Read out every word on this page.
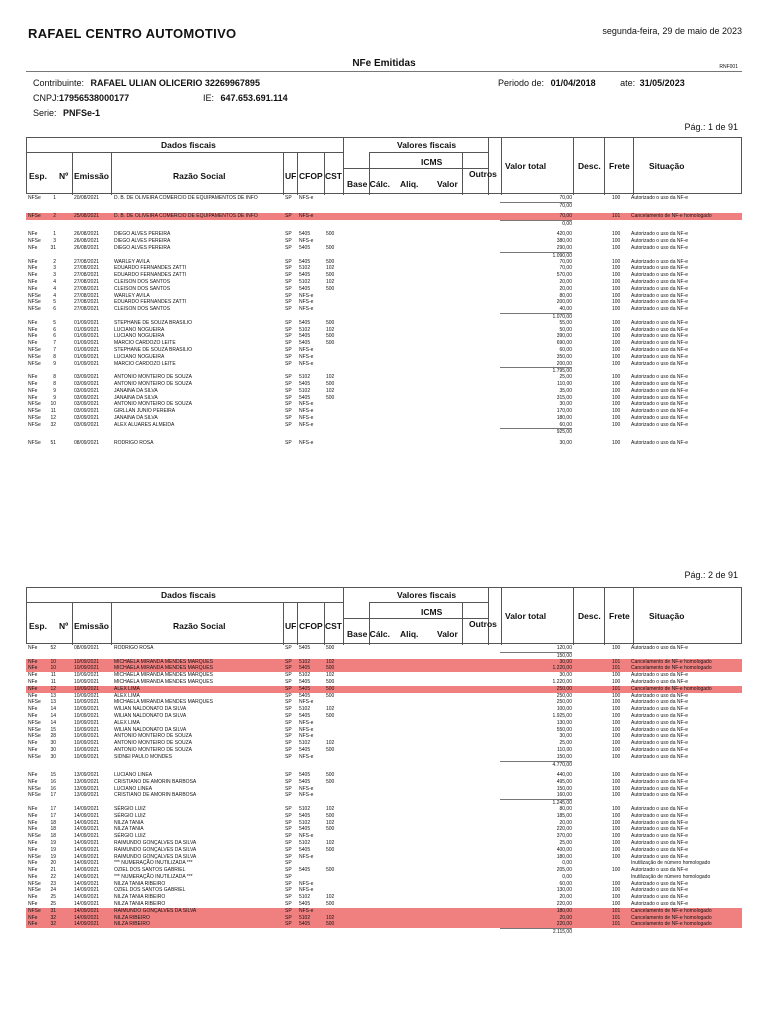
RAFAEL CENTRO AUTOMOTIVO	segunda-feira, 29 de maio de 2023
NFe Emitidas	RNF001
Contribuinte: RAFAEL ULIAN OLICERIO 32269967895	Periodo de: 01/04/2018	ate: 31/05/2023
CNPJ:17956538000177	IE: 647.653.691.114
Serie: PNFSe-1
Pág.: 1 de 91
Dados fiscais	Valores fiscais
ICMS
Esp. Nº Emissão	Razão Social	UF CFOP CST
Base Cálc. Aliq. Valor
Outros
Valor total	Desc. Frete Situação
NFSe	1	20/08/2021	D. B. DE OLIVEIRA COMERCIO DE EQUIPAMENTOS DE INFO	SP NFS-e	70,00	100 Autorizado o uso da NF-e
70,00
NFSe	2	25/08/2021	D. B. DE OLIVEIRA COMERCIO DE EQUIPAMENTOS DE INFO	SP NFS-e	70,00	101 Cancelamento de NF-e homologado
0,00
NFe	1	26/08/2021	DIEGO ALVES PEREIRA	SP 5405	500	420,00	100 Autorizado o uso da NF-e
NFSe	3	26/08/2021	DIEGO ALVES PEREIRA	SP NFS-e	380,00	100 Autorizado o uso da NF-e
NFe	31	26/08/2021	DIEGO ALVES PEREIRA	SP 5405	500	290,00	100 Autorizado o uso da NF-e
1.090,00
NFe	2	27/08/2021	WARLEY AVILA	SP 5405	500	70,00	100 Autorizado o uso da NF-e
NFe	3	27/08/2021	EDUARDO FERNANDES ZATTI	SP 5102	102	70,00	100 Autorizado o uso da NF-e
NFe	3	27/08/2021	EDUARDO FERNANDES ZATTI	SP 5405	500	570,00	100 Autorizado o uso da NF-e
NFe	4	27/08/2021	CLEISON DOS SANTOS	SP 5102	102	20,00	100 Autorizado o uso da NF-e
NFe	4	27/08/2021	CLEISON DOS SANTOS	SP 5405	500	20,00	100 Autorizado o uso da NF-e
NFSe	4	27/08/2021	WARLEY AVILA	SP NFS-e	80,00	100 Autorizado o uso da NF-e
NFSe	5	27/08/2021	EDUARDO FERNANDES ZATTI	SP NFS-e	200,00	100 Autorizado o uso da NF-e
NFSe	6	27/08/2021	CLEISON DOS SANTOS	SP NFS-e	40,00	100 Autorizado o uso da NF-e
1.070,00
NFe	5	01/09/2021	STEPHANE DE SOUZA BRASILIO	SP 5405	500	55,00	100 Autorizado o uso da NF-e
NFe	6	01/09/2021	LUCIANO NOGUEIRA	SP 5102	102	50,00	100 Autorizado o uso da NF-e
NFe	6	01/09/2021	LUCIANO NOGUEIRA	SP 5405	500	390,00	100 Autorizado o uso da NF-e
NFe	7	01/09/2021	MARCIO CARDOZO LEITE	SP 5405	500	690,00	100 Autorizado o uso da NF-e
NFSe	7	01/09/2021	STEPHANE DE SOUZA BRASILIO	SP NFS-e	60,00	100 Autorizado o uso da NF-e
NFSe	8	01/09/2021	LUCIANO NOGUEIRA	SP NFS-e	350,00	100 Autorizado o uso da NF-e
NFSe	9	01/09/2021	MARCIO CARDOZO LEITE	SP NFS-e	200,00	100 Autorizado o uso da NF-e
1.795,00
NFe	8	03/09/2021	ANTONIO MONTEIRO DE SOUZA	SP 5102	102	25,00	100 Autorizado o uso da NF-e
NFe	8	03/09/2021	ANTONIO MONTEIRO DE SOUZA	SP 5405	500	110,00	100 Autorizado o uso da NF-e
NFe	9	03/09/2021	JANAINA DA SILVA	SP 5102	102	35,00	100 Autorizado o uso da NF-e
NFe	9	03/09/2021	JANAINA DA SILVA	SP 5405	500	315,00	100 Autorizado o uso da NF-e
NFSe	10	03/09/2021	ANTONIO MONTEIRO DE SOUZA	SP NFS-e	30,00	100 Autorizado o uso da NF-e
NFSe	11	03/09/2021	GIRLLAN JUNIO PEREIRA	SP NFS-e	170,00	100 Autorizado o uso da NF-e
NFSe	12	03/09/2021	JANAINA DA SILVA	SP NFS-e	180,00	100 Autorizado o uso da NF-e
NFSe	32	03/09/2021	ALEX ALUARES ALMEIDA	SP NFS-e	60,00	100 Autorizado o uso da NF-e
925,00
NFSe	51	08/09/2021	RODRIGO ROSA	SP NFS-e	30,00	100 Autorizado o uso da NF-e
Pág.: 2 de 91
Dados fiscais	Valores fiscais
ICMS
Esp. Nº Emissão	Razão Social	UF CFOP CST
Base Cálc. Aliq. Valor
Outros
Valor total	Desc. Frete Situação
NFe	52	08/09/2021	RODRIGO ROSA	SP 5405	500	120,00	100 Autorizado o uso da NF-e
150,00
NFe	10	10/09/2021	MICHAELA MIRANDA MENDES MARQUES	SP 5102	102	30,00	101 Cancelamento de NF-e homologado
NFe	10	10/09/2021	MICHAELA MIRANDA MENDES MARQUES	SP 5405	500	1.220,00	101 Cancelamento de NF-e homologado
NFe	11	10/09/2021	MICHAELA MIRANDA MENDES MARQUES	SP 5102	102	30,00	100 Autorizado o uso da NF-e
NFe	11	10/09/2021	MICHAELA MIRANDA MENDES MARQUES	SP 5405	500	1.220,00	100 Autorizado o uso da NF-e
NFe	12	10/09/2021	ALEX LIMA	SP 5405	500	250,00	101 Cancelamento de NF-e homologado
NFe	13	10/09/2021	ALEX LIMA	SP 5405	500	250,00	100 Autorizado o uso da NF-e
NFSe	13	10/09/2021	MICHAELA MIRANDA MENDES MARQUES	SP NFS-e	250,00	100 Autorizado o uso da NF-e
NFe	14	10/09/2021	WILIAN NALDONATO DA SILVA	SP 5102	102	100,00	100 Autorizado o uso da NF-e
NFe	14	10/09/2021	WILIAN NALDONATO DA SILVA	SP 5405	500	1.925,00	100 Autorizado o uso da NF-e
NFSe	14	10/09/2021	ALEX LIMA	SP NFS-e	130,00	100 Autorizado o uso da NF-e
NFSe	15	10/09/2021	WILIAN NALDONATO DA SILVA	SP NFS-e	550,00	100 Autorizado o uso da NF-e
NFSe	28	10/09/2021	ANTONIO MONTEIRO DE SOUZA	SP NFS-e	30,00	100 Autorizado o uso da NF-e
NFe	30	10/09/2021	ANTONIO MONTEIRO DE SOUZA	SP 5102	102	25,00	100 Autorizado o uso da NF-e
NFe	30	10/09/2021	ANTONIO MONTEIRO DE SOUZA	SP 5405	500	110,00	100 Autorizado o uso da NF-e
NFSe	30	10/09/2021	SIDNEI PAULO MONDES	SP NFS-e	150,00	100 Autorizado o uso da NF-e
4.770,00
NFe	15	13/09/2021	LUCIANO LINEA	SP 5405	500	440,00	100 Autorizado o uso da NF-e
NFe	16	13/09/2021	CRISTIANO DE AMORIN BARBOSA	SP 5405	500	495,00	100 Autorizado o uso da NF-e
NFSe	16	13/09/2021	LUCIANO LINEA	SP NFS-e	150,00	100 Autorizado o uso da NF-e
NFSe	17	13/09/2021	CRISTIANO DE AMORIN BARBOSA	SP NFS-e	160,00	100 Autorizado o uso da NF-e
1.245,00
NFe	17	14/09/2021	SÉRGIO LUIZ	SP 5102	102	80,00	100 Autorizado o uso da NF-e
NFe	17	14/09/2021	SÉRGIO LUIZ	SP 5405	500	185,00	100 Autorizado o uso da NF-e
NFe	18	14/09/2021	NILZA TANIA	SP 5102	102	20,00	100 Autorizado o uso da NF-e
NFe	18	14/09/2021	NILZA TANIA	SP 5405	500	220,00	100 Autorizado o uso da NF-e
NFSe	18	14/09/2021	SÉRGIO LUIZ	SP NFS-e	370,00	100 Autorizado o uso da NF-e
NFe	19	14/09/2021	RAIMUNDO GONÇALVES DA SILVA	SP 5102	102	25,00	100 Autorizado o uso da NF-e
NFe	19	14/09/2021	RAIMUNDO GONÇALVES DA SILVA	SP 5405	500	400,00	100 Autorizado o uso da NF-e
NFSe	19	14/09/2021	RAIMUNDO GONÇALVES DA SILVA	SP NFS-e	180,00	100 Autorizado o uso da NF-e
NFe	20	14/09/2021	*** NUMERAÇÃO INUTILIZADA ***	SP	0,00	Inutilização de número homologado
NFe	21	14/09/2021	OZIEL DOS SANTOS GABRIEL	SP 5405	500	205,00	100 Autorizado o uso da NF-e
NFe	22	14/09/2021	*** NUMERAÇÃO INUTILIZADA ***	SP	0,00	Inutilização de número homologado
NFSe	23	14/09/2021	NILZA TANIA RIBEIRO	SP NFS-e	60,00	100 Autorizado o uso da NF-e
NFSe	24	14/09/2021	OZIEL DOS SANTOS GABRIEL	SP NFS-e	130,00	100 Autorizado o uso da NF-e
NFe	25	14/09/2021	NILZA TANIA RIBEIRO	SP 5102	102	20,00	100 Autorizado o uso da NF-e
NFe	25	14/09/2021	NILZA TANIA RIBEIRO	SP 5405	500	220,00	100 Autorizado o uso da NF-e
NFSe	31	14/09/2021	RAIMUNDO GONÇALVES DA SILVA	SP NFS-e	180,00	101 Cancelamento de NF-e homologado
NFe	32	14/09/2021	NILZA RIBEIRO	SP 5102	102	20,00	101 Cancelamento de NF-e homologado
NFe	32	14/09/2021	NILZA RIBEIRO	SP 5405	500	220,00	101 Cancelamento de NF-e homologado
2.115,00
